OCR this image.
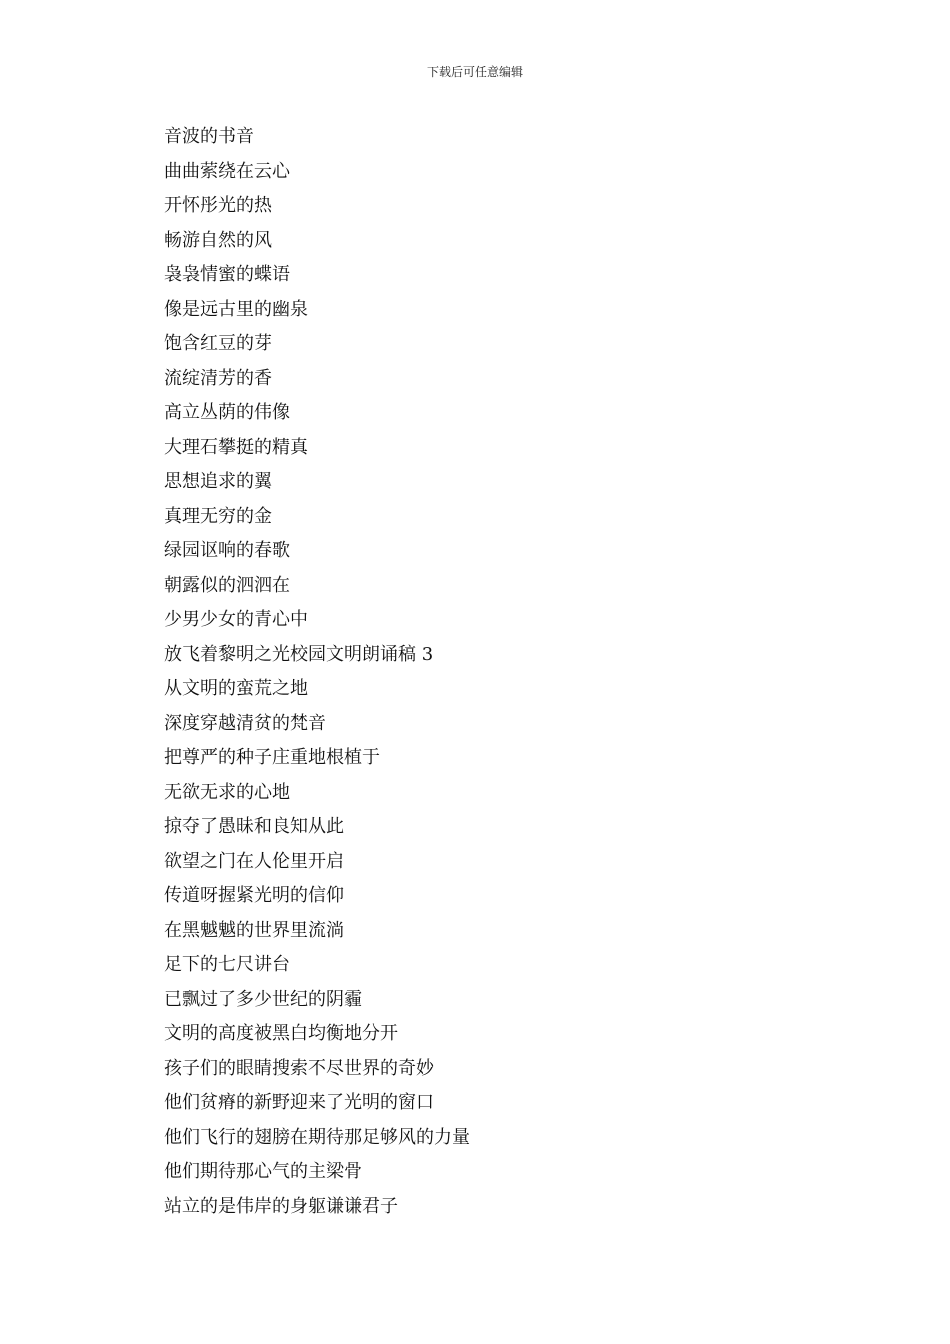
下载后可任意编辑
音波的书音
曲曲萦绕在云心
开怀彤光的热
畅游自然的风
袅袅情蜜的蝶语
像是远古里的幽泉
饱含红豆的芽
流绽清芳的香
高立丛荫的伟像
大理石攀挺的精真
思想追求的翼
真理无穷的金
绿园讴响的春歌
朝露似的泗泗在
少男少女的青心中
放飞着黎明之光校园文明朗诵稿 3
从文明的蛮荒之地
深度穿越清贫的梵音
把尊严的种子庄重地根植于
无欲无求的心地
掠夺了愚昧和良知从此
欲望之门在人伦里开启
传道呀握紧光明的信仰
在黑魆魆的世界里流淌
足下的七尺讲台
已飘过了多少世纪的阴霾
文明的高度被黑白均衡地分开
孩子们的眼睛搜索不尽世界的奇妙
他们贫瘠的新野迎来了光明的窗口
他们飞行的翅膀在期待那足够风的力量
他们期待那心气的主梁骨
站立的是伟岸的身躯谦谦君子
